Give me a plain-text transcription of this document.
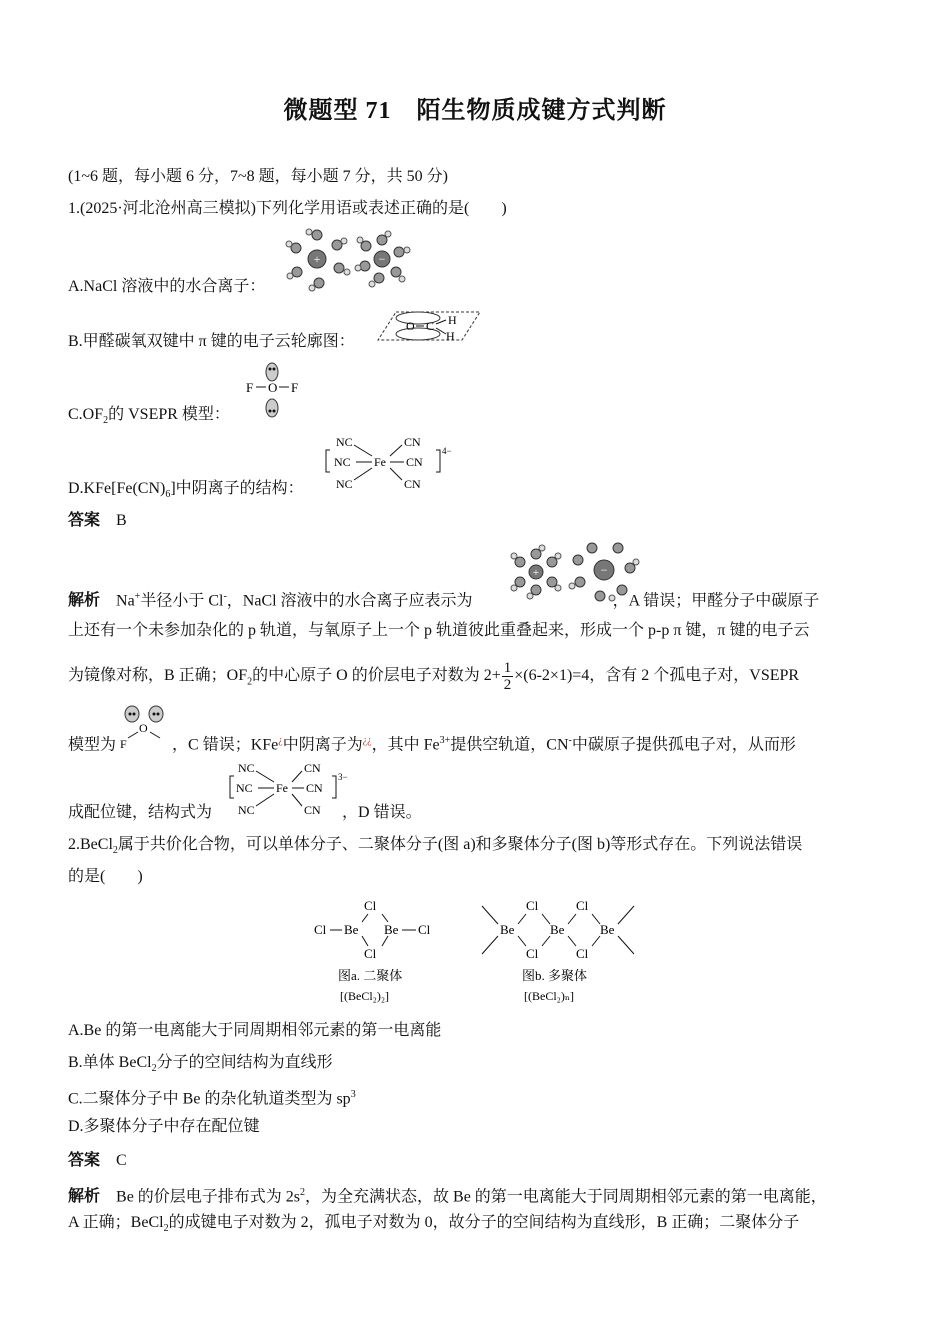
微题型 71　陌生物质成键方式判断
(1~6 题，每小题 6 分，7~8 题，每小题 7 分，共 50 分)
1.(2025·河北沧州高三模拟)下列化学用语或表述正确的是( )
A.NaCl 溶液中的水合离子：
+	−
B.甲醛碳氧双键中 π 键的电子云轮廓图：
O C H
H
$C.OF_2$的 VSEPR 模型：
F O F
$D.KFe[Fe(CN)_6]$中阴离子的结构：
4−
NC
NC
NC
Fe
CN
CN
CN
答案 B
+	−
解析 Na+半径小于 Cl-，NaCl 溶液中的水合离子应表示为	，A 错误；甲醛分子中碳原子
上还有一个未参加杂化的 p 轨道，与氧原子上一个 p 轨道彼此重叠起来，形成一个 p-p π 键，π 键的电子云
为镜像对称，B 正确；$OF_2$的中心原子 O 的价层电子对数为 $2+ \frac{1}{2} \times(6-2\times 1)=4$，含有 2 个孤电子对，VSEPR
O
F
模型为	，C 错误；KFe¿中阴离子为¿¿，其中 $Fe^{3+}$提供空轨道，CN-中碳原子提供孤电子对，从而形
3−
NC
NC
NC
Fe
CN
CN
CN
成配位键，结构式为	，D 错误。
2.BeCl$_2$属于共价化合物，可以单体分子、二聚体分子(图 a)和多聚体分子(图 b)等形式存在。下列说法错误
的是( )
Cl
Cl Be Be Cl
Cl
图a. 二聚体
[(BeCl₂)₂]
Be
Cl
Cl
Be
Cl
Cl
Be
图b. 多聚体
[(BeCl₂)ₙ]
A.Be 的第一电离能大于同周期相邻元素的第一电离能
B.单体 BeCl$_2$分子的空间结构为直线形
C.二聚体分子中 Be 的杂化轨道类型为 $sp^3$
D.多聚体分子中存在配位键
答案 C
解析 Be 的价层电子排布式为 $2s^2$，为全充满状态，故 Be 的第一电离能大于同周期相邻元素的第一电离能，
A 正确；BeCl$_2$的成键电子对数为 2，孤电子对数为 0，故分子的空间结构为直线形，B 正确；二聚体分子
